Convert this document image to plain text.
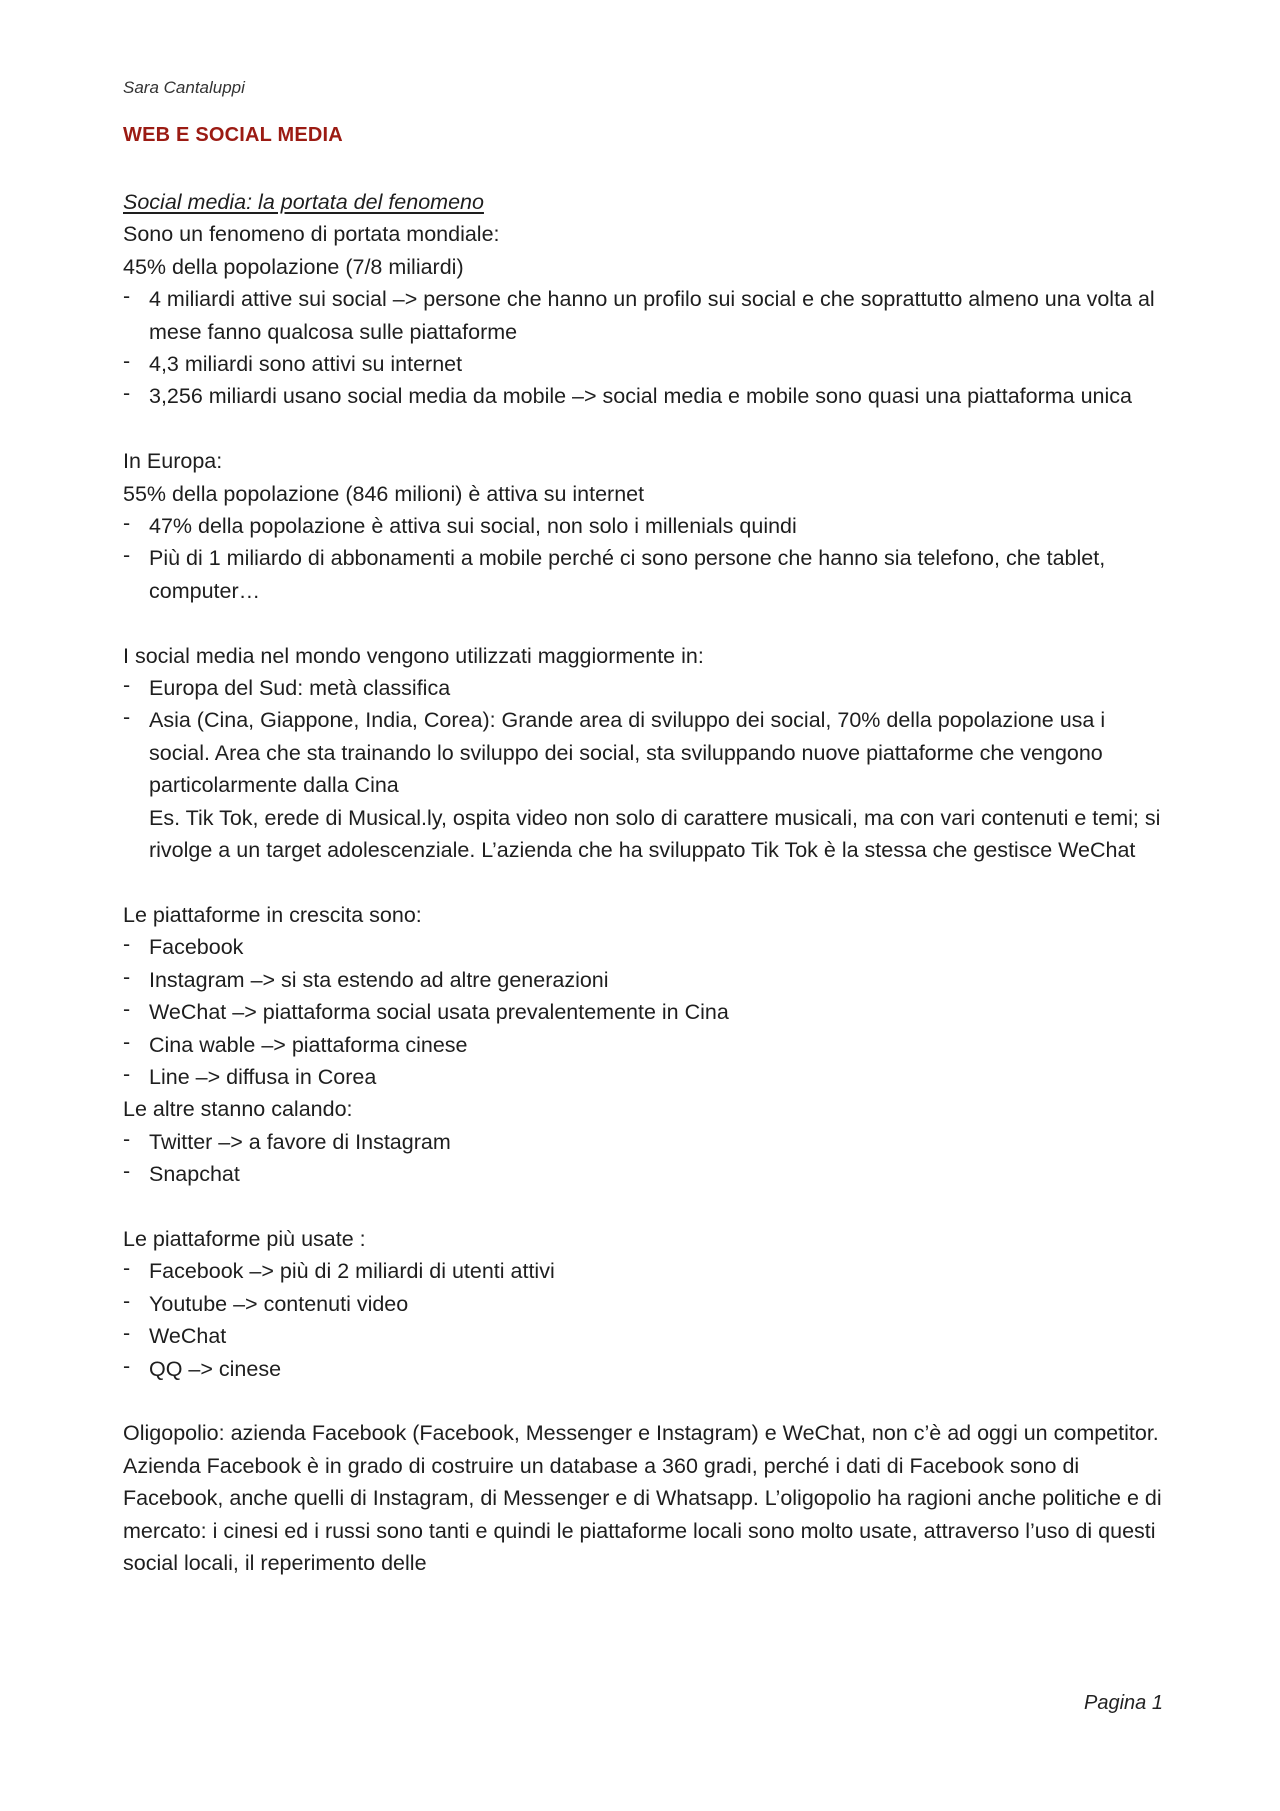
Sara Cantaluppi
WEB E SOCIAL MEDIA

Social media: la portata del fenomeno

Sono un fenomeno di portata mondiale:

45% della popolazione (7/8 miliardi)

- 4 miliardi attive sui social –> persone che hanno un profilo sui social e che soprattutto almeno una volta al mese fanno qualcosa sulle piattaforme
- 4,3 miliardi sono attivi su internet
- 3,256 miliardi usano social media da mobile –> social media e mobile sono quasi una piattaforma unica

In Europa:

55% della popolazione (846 milioni) è attiva su internet

- 47% della popolazione è attiva sui social, non solo i millenials quindi
- Più di 1 miliardo di abbonamenti a mobile perché ci sono persone che hanno sia telefono, che tablet, computer…

I social media nel mondo vengono utilizzati maggiormente in:

- Europa del Sud: metà classifica
- Asia (Cina, Giappone, India, Corea): Grande area di sviluppo dei social, 70% della popolazione usa i social. Area che sta trainando lo sviluppo dei social, sta sviluppando nuove piattaforme che vengono particolarmente dalla Cina
Es. Tik Tok, erede di Musical.ly, ospita video non solo di carattere musicali, ma con vari contenuti e temi; si rivolge a un target adolescenziale. L’azienda che ha sviluppato Tik Tok è la stessa che gestisce WeChat

Le piattaforme in crescita sono:

- Facebook
- Instagram –> si sta estendo ad altre generazioni
- WeChat –> piattaforma social usata prevalentemente in Cina
- Cina wable –> piattaforma cinese
- Line –> diffusa in Corea

Le altre stanno calando:

- Twitter –> a favore di Instagram
- Snapchat

Le piattaforme più usate :

- Facebook –> più di 2 miliardi di utenti attivi
- Youtube –> contenuti video
- WeChat
- QQ –> cinese

Oligopolio: azienda Facebook (Facebook, Messenger e Instagram) e WeChat, non c’è ad oggi un competitor. Azienda Facebook è in grado di costruire un database a 360 gradi, perché i dati di Facebook sono di Facebook, anche quelli di Instagram, di Messenger e di Whatsapp. L’oligopolio ha ragioni anche politiche e di mercato: i cinesi ed i russi sono tanti e quindi le piattaforme locali sono molto usate, attraverso l’uso di questi social locali, il reperimento delle

Pagina 1
